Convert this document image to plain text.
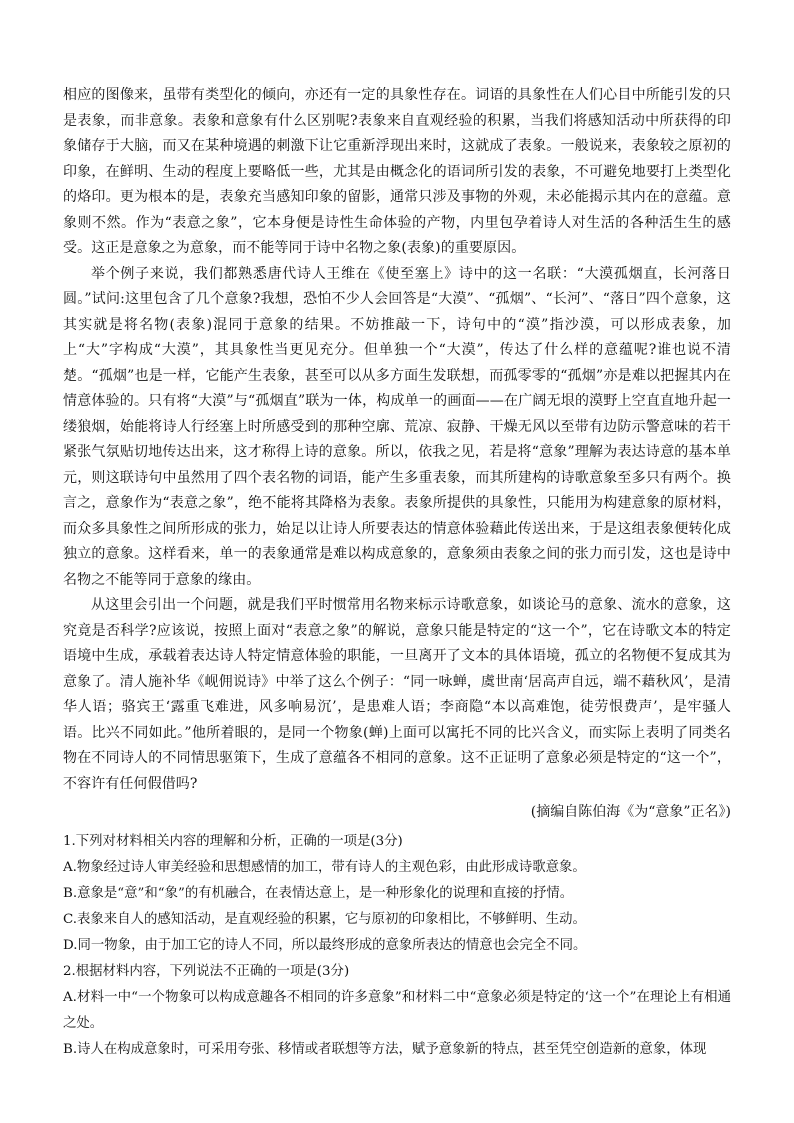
相应的图像来，虽带有类型化的倾向，亦还有一定的具象性存在。词语的具象性在人们心目中所能引发的只是表象，而非意象。表象和意象有什么区别呢?表象来自直观经验的积累，当我们将感知活动中所获得的印象储存于大脑，而又在某种境遇的刺激下让它重新浮现出来时，这就成了表象。一般说来，表象较之原初的印象，在鲜明、生动的程度上要略低一些，尤其是由概念化的语词所引发的表象，不可避免地要打上类型化的烙印。更为根本的是，表象充当感知印象的留影，通常只涉及事物的外观，未必能揭示其内在的意蕴。意象则不然。作为“表意之象”，它本身便是诗性生命体验的产物，内里包孕着诗人对生活的各种活生生的感受。这正是意象之为意象，而不能等同于诗中名物之象(表象)的重要原因。

举个例子来说，我们都熟悉唐代诗人王维在《使至塞上》诗中的这一名联：“大漠孤烟直，长河落日圆。”试问:这里包含了几个意象?我想，恐怕不少人会回答是“大漠”、“孤烟”、“长河”、“落日”四个意象，这其实就是将名物(表象)混同于意象的结果。不妨推敲一下，诗句中的“漠”指沙漠，可以形成表象，加上“大”字构成“大漠”，其具象性当更见充分。但单独一个“大漠”，传达了什么样的意蕴呢?谁也说不清楚。“孤烟”也是一样，它能产生表象，甚至可以从多方面生发联想，而孤零零的“孤烟”亦是难以把握其内在情意体验的。只有将“大漠”与“孤烟直”联为一体，构成单一的画面——在广阔无垠的漠野上空直直地升起一缕狼烟，始能将诗人行经塞上时所感受到的那种空廓、荒凉、寂静、干燥无风以至带有边防示警意味的若干紧张气氛贴切地传达出来，这才称得上诗的意象。所以，依我之见，若是将“意象”理解为表达诗意的基本单元，则这联诗句中虽然用了四个表名物的词语，能产生多重表象，而其所建构的诗歌意象至多只有两个。换言之，意象作为“表意之象”，绝不能将其降格为表象。表象所提供的具象性，只能用为构建意象的原材料，而众多具象性之间所形成的张力，始足以让诗人所要表达的情意体验藉此传送出来，于是这组表象便转化成独立的意象。这样看来，单一的表象通常是难以构成意象的，意象须由表象之间的张力而引发，这也是诗中名物之不能等同于意象的缘由。

从这里会引出一个问题，就是我们平时惯常用名物来标示诗歌意象，如谈论马的意象、流水的意象，这究竟是否科学?应该说，按照上面对“表意之象”的解说，意象只能是特定的“这一个”，它在诗歌文本的特定语境中生成，承载着表达诗人特定情意体验的职能，一旦离开了文本的具体语境，孤立的名物便不复成其为意象了。清人施补华《岘佣说诗》中举了这么个例子：“同一咏蝉，虞世南‘居高声自远，端不藉秋风’，是清华人语；骆宾王‘露重飞难进，风多响易沉’，是患难人语；李商隐“本以高难饱，徒劳恨费声’，是牢骚人语。比兴不同如此。”他所着眼的，是同一个物象(蝉)上面可以寓托不同的比兴含义，而实际上表明了同类名物在不同诗人的不同情思驱策下，生成了意蕴各不相同的意象。这不正证明了意象必须是特定的“这一个”，不容许有任何假借吗?

(摘编自陈伯海《为“意象”正名》)

1.下列对材料相关内容的理解和分析，正确的一项是(3分)

A.物象经过诗人审美经验和思想感情的加工，带有诗人的主观色彩，由此形成诗歌意象。

B.意象是“意”和“象”的有机融合，在表情达意上，是一种形象化的说理和直接的抒情。

C.表象来自人的感知活动，是直观经验的积累，它与原初的印象相比，不够鲜明、生动。

D.同一物象，由于加工它的诗人不同，所以最终形成的意象所表达的情意也会完全不同。

2.根据材料内容，下列说法不正确的一项是(3分)

A.材料一中“一个物象可以构成意趣各不相同的许多意象”和材料二中“意象必须是特定的‘这一个”在理论上有相通之处。

B.诗人在构成意象时，可采用夸张、移情或者联想等方法，赋予意象新的特点，甚至凭空创造新的意象，体现
